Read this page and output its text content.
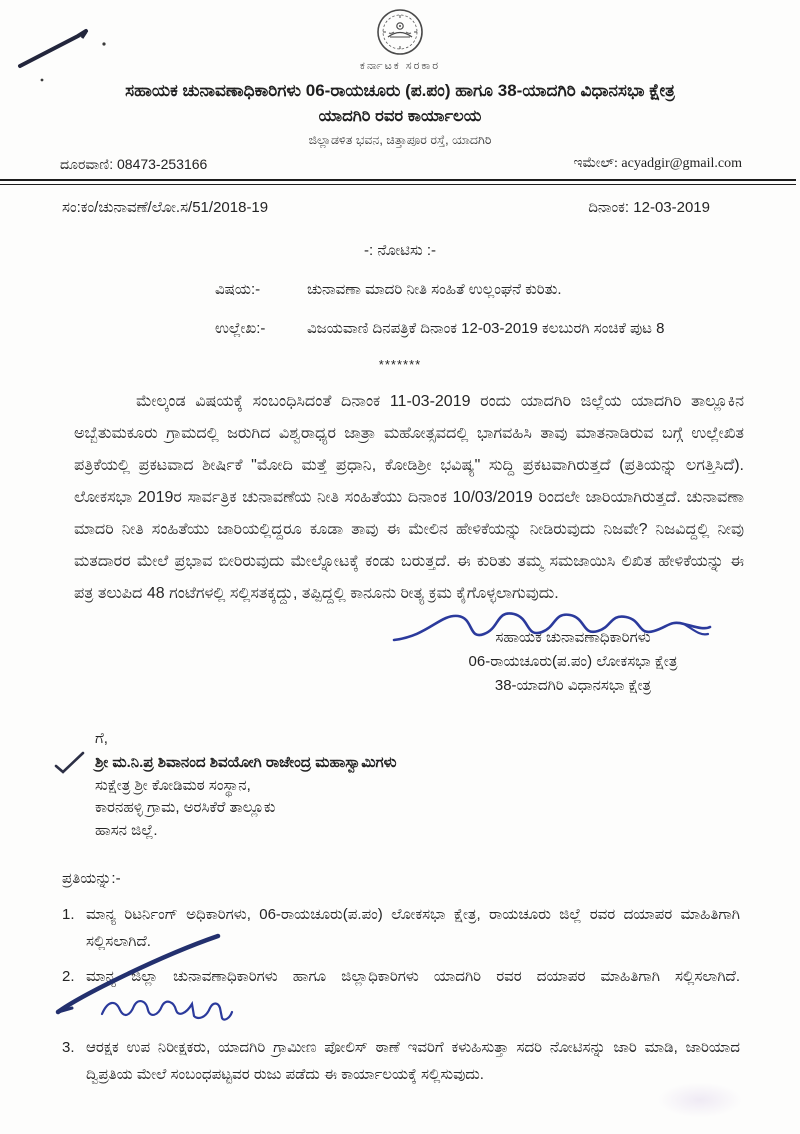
ಕರ್ನಾಟಕ ಸರಕಾರ
ಸಹಾಯಕ ಚುನಾವಣಾಧಿಕಾರಿಗಳು 06-ರಾಯಚೂರು (ಪ.ಪಂ) ಹಾಗೂ 38-ಯಾದಗಿರಿ ವಿಧಾನಸಭಾ ಕ್ಷೇತ್ರ
ಯಾದಗಿರಿ ರವರ ಕಾರ್ಯಾಲಯ
ಜಿಲ್ಲಾಡಳಿತ ಭವನ, ಚಿತ್ತಾಪೂರ ರಸ್ತೆ, ಯಾದಗಿರಿ
ದೂರವಾಣಿ: 08473-253166	ಇಮೇಲ್: acyadgir@gmail.com
ಸಂ:ಕಂ/ಚುನಾವಣೆ/ಲೋ.ಸ/51/2018-19	ದಿನಾಂಕ: 12-03-2019
-: ನೋಟಿಸು :-
ವಿಷಯ:-	ಚುನಾವಣಾ ಮಾದರಿ ನೀತಿ ಸಂಹಿತೆ ಉಲ್ಲಂಘನೆ ಕುರಿತು.
ಉಲ್ಲೇಖ:-	ವಿಜಯವಾಣಿ ದಿನಪತ್ರಿಕೆ ದಿನಾಂಕ 12-03-2019 ಕಲಬುರಗಿ ಸಂಚಿಕೆ ಪುಟ 8
*******
ಮೇಲ್ಕಂಡ ವಿಷಯಕ್ಕೆ ಸಂಬಂಧಿಸಿದಂತೆ ದಿನಾಂಕ 11-03-2019 ರಂದು ಯಾದಗಿರಿ ಜಿಲ್ಲೆಯ ಯಾದಗಿರಿ ತಾಲ್ಲೂಕಿನ ಅಬ್ಬೆತುಮಕೂರು ಗ್ರಾಮದಲ್ಲಿ ಜರುಗಿದ ವಿಶ್ವರಾಧ್ಯರ ಜಾತ್ರಾ ಮಹೋತ್ಸವದಲ್ಲಿ ಭಾಗವಹಿಸಿ ತಾವು ಮಾತನಾಡಿರುವ ಬಗ್ಗೆ ಉಲ್ಲೇಖಿತ ಪತ್ರಿಕೆಯಲ್ಲಿ ಪ್ರಕಟವಾದ ಶೀರ್ಷಿಕೆ "ಮೋದಿ ಮತ್ತೆ ಪ್ರಧಾನಿ, ಕೋಡಿಶ್ರೀ ಭವಿಷ್ಯ" ಸುದ್ದಿ ಪ್ರಕಟವಾಗಿರುತ್ತದೆ (ಪ್ರತಿಯನ್ನು ಲಗತ್ತಿಸಿದೆ). ಲೋಕಸಭಾ 2019ರ ಸಾರ್ವತ್ರಿಕ ಚುನಾವಣೆಯ ನೀತಿ ಸಂಹಿತೆಯು ದಿನಾಂಕ 10/03/2019 ರಿಂದಲೇ ಜಾರಿಯಾಗಿರುತ್ತದೆ. ಚುನಾವಣಾ ಮಾದರಿ ನೀತಿ ಸಂಹಿತೆಯು ಜಾರಿಯಲ್ಲಿದ್ದರೂ ಕೂಡಾ ತಾವು ಈ ಮೇಲಿನ ಹೇಳಿಕೆಯನ್ನು ನೀಡಿರುವುದು ನಿಜವೇ? ನಿಜವಿದ್ದಲ್ಲಿ ನೀವು ಮತದಾರರ ಮೇಲೆ ಪ್ರಭಾವ ಬೀರಿರುವುದು ಮೇಲ್ನೋಟಕ್ಕೆ ಕಂಡು ಬರುತ್ತದೆ. ಈ ಕುರಿತು ತಮ್ಮ ಸಮಜಾಯಿಸಿ ಲಿಖಿತ ಹೇಳಿಕೆಯನ್ನು ಈ ಪತ್ರ ತಲುಪಿದ 48 ಗಂಟೆಗಳಲ್ಲಿ ಸಲ್ಲಿಸತಕ್ಕದ್ದು, ತಪ್ಪಿದ್ದಲ್ಲಿ ಕಾನೂನು ರೀತ್ಯ ಕ್ರಮ ಕೈಗೊಳ್ಳಲಾಗುವುದು.
ಸಹಾಯಕ ಚುನಾವಣಾಧಿಕಾರಿಗಳು
06-ರಾಯಚೂರು(ಪ.ಪಂ) ಲೋಕಸಭಾ ಕ್ಷೇತ್ರ
38-ಯಾದಗಿರಿ ವಿಧಾನಸಭಾ ಕ್ಷೇತ್ರ
ಗೆ,
ಶ್ರೀ ಮ.ನಿ.ಪ್ರ ಶಿವಾನಂದ ಶಿವಯೋಗಿ ರಾಜೇಂದ್ರ ಮಹಾಸ್ವಾಮಿಗಳು
ಸುಕ್ಷೇತ್ರ ಶ್ರೀ ಕೋಡಿಮಠ ಸಂಸ್ಥಾನ,
ಕಾರನಹಳ್ಳಿ ಗ್ರಾಮ, ಅರಸಿಕೆರೆ ತಾಲ್ಲೂಕು
ಹಾಸನ ಜಿಲ್ಲೆ.
ಪ್ರತಿಯನ್ನು:-
1. ಮಾನ್ಯ ರಿಟರ್ನಿಂಗ್ ಅಧಿಕಾರಿಗಳು, 06-ರಾಯಚೂರು(ಪ.ಪಂ) ಲೋಕಸಭಾ ಕ್ಷೇತ್ರ, ರಾಯಚೂರು ಜಿಲ್ಲೆ ರವರ ದಯಾಪರ ಮಾಹಿತಿಗಾಗಿ ಸಲ್ಲಿಸಲಾಗಿದೆ.
2. ಮಾನ್ಯ ಜಿಲ್ಲಾ ಚುನಾವಣಾಧಿಕಾರಿಗಳು ಹಾಗೂ ಜಿಲ್ಲಾಧಿಕಾರಿಗಳು ಯಾದಗಿರಿ ರವರ ದಯಾಪರ ಮಾಹಿತಿಗಾಗಿ ಸಲ್ಲಿಸಲಾಗಿದೆ.
3. ಆರಕ್ಷಕ ಉಪ ನಿರೀಕ್ಷಕರು, ಯಾದಗಿರಿ ಗ್ರಾಮೀಣ ಪೋಲಿಸ್ ಠಾಣೆ ಇವರಿಗೆ ಕಳುಹಿಸುತ್ತಾ ಸದರಿ ನೋಟಿಸನ್ನು ಜಾರಿ ಮಾಡಿ, ಜಾರಿಯಾದ ದ್ವಿಪ್ರತಿಯ ಮೇಲೆ ಸಂಬಂಧಪಟ್ಟವರ ರುಜು ಪಡೆದು ಈ ಕಾರ್ಯಾಲಯಕ್ಕೆ ಸಲ್ಲಿಸುವುದು.
